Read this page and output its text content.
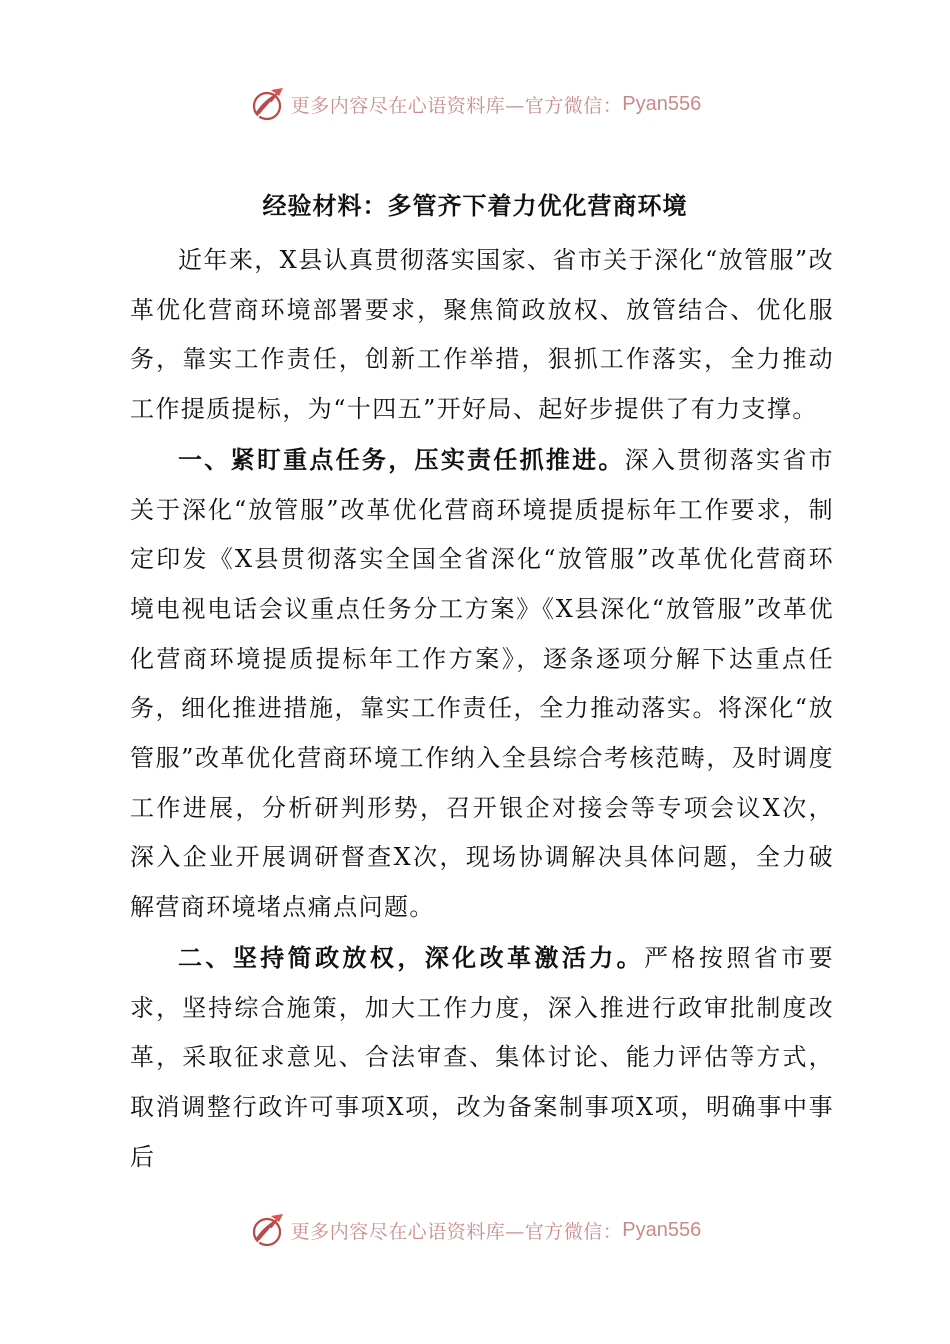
更多内容尽在心语资料库—官方微信： Pyan556
经验材料：多管齐下着力优化营商环境

近年来，X县认真贯彻落实国家、省市关于深化“放管服”改革优化营商环境部署要求，聚焦简政放权、放管结合、优化服务，靠实工作责任，创新工作举措，狠抓工作落实，全力推动工作提质提标，为“十四五”开好局、起好步提供了有力支撑。

一、紧盯重点任务，压实责任抓推进。深入贯彻落实省市关于深化“放管服”改革优化营商环境提质提标年工作要求，制定印发《X县贯彻落实全国全省深化“放管服”改革优化营商环境电视电话会议重点任务分工方案》《X县深化“放管服”改革优化营商环境提质提标年工作方案》，逐条逐项分解下达重点任务，细化推进措施，靠实工作责任，全力推动落实。将深化“放管服”改革优化营商环境工作纳入全县综合考核范畴，及时调度工作进展，分析研判形势，召开银企对接会等专项会议X次，深入企业开展调研督查X次，现场协调解决具体问题，全力破解营商环境堵点痛点问题。

二、坚持简政放权，深化改革激活力。严格按照省市要求，坚持综合施策，加大工作力度，深入推进行政审批制度改革，采取征求意见、合法审查、集体讨论、能力评估等方式，取消调整行政许可事项X项，改为备案制事项X项，明确事中事后

更多内容尽在心语资料库—官方微信： Pyan556
